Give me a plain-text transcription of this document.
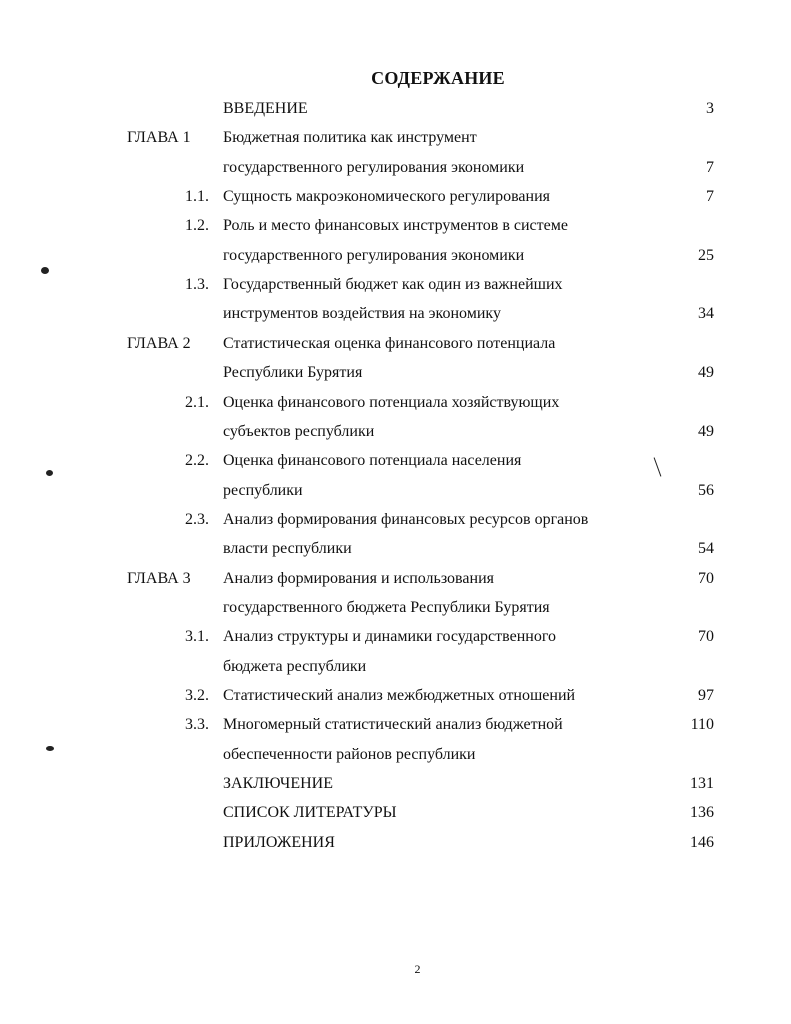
СОДЕРЖАНИЕ
ВВЕДЕНИЕ	3
ГЛАВА 1 Бюджетная политика как инструмент
государственного регулирования экономики	7
1.1. Сущность макроэкономического регулирования	7
1.2. Роль и место финансовых инструментов в системе
государственного регулирования экономики	25
1.3. Государственный бюджет как один из важнейших
инструментов воздействия на экономику	34
ГЛАВА 2 Статистическая оценка финансового потенциала
Республики Бурятия	49
2.1. Оценка финансового потенциала хозяйствующих
субъектов республики	49
2.2. Оценка финансового потенциала населения
республики	56
2.3. Анализ формирования финансовых ресурсов органов
власти республики	54
ГЛАВА 3 Анализ формирования и использования	70
государственного бюджета Республики Бурятия
3.1. Анализ структуры и динамики государственного	70
бюджета республики
3.2. Статистический анализ межбюджетных отношений	97
3.3. Многомерный статистический анализ бюджетной	110
обеспеченности районов республики
ЗАКЛЮЧЕНИЕ	131
СПИСОК ЛИТЕРАТУРЫ	136
ПРИЛОЖЕНИЯ	146
2
